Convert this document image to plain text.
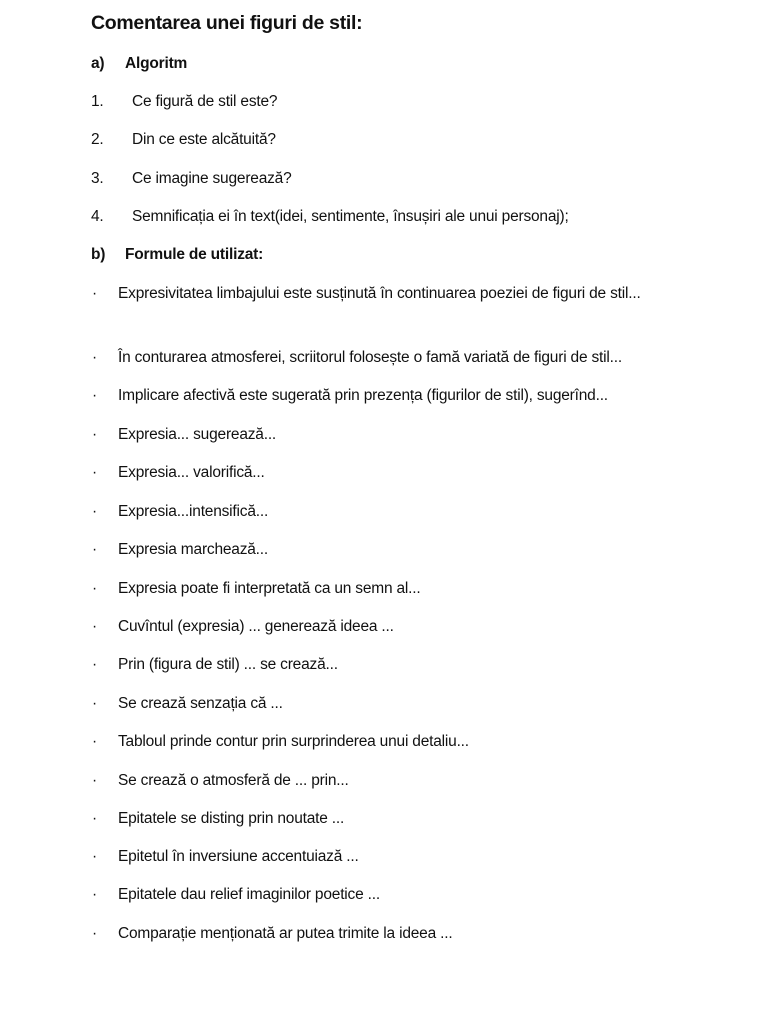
Comentarea unei figuri de stil:
a) Algoritm
1. Ce figură de stil este?
2. Din ce este alcătuită?
3. Ce imagine sugerează?
4. Semnificația ei în text(idei, sentimente, însușiri ale unui personaj);
b) Formule de utilizat:
· Expresivitatea limbajului este susținută în continuarea poeziei de figuri de stil...
· În conturarea atmosferei, scriitorul folosește o famă variată de figuri de stil...
· Implicare afectivă este sugerată prin prezența (figurilor de stil), sugerînd...
· Expresia... sugerează...
· Expresia... valorifică...
· Expresia...intensifică...
· Expresia marchează...
· Expresia poate fi interpretată ca un semn al...
· Cuvîntul (expresia) ... generează ideea ...
· Prin (figura de stil) ... se crează...
· Se crează senzația că ...
· Tabloul prinde contur prin surprinderea unui detaliu...
· Se crează o atmosferă de ... prin...
· Epitatele se disting prin noutate ...
· Epitetul în inversiune accentuiază ...
· Epitatele dau relief imaginilor poetice ...
· Comparație menționată ar putea trimite la ideea ...
